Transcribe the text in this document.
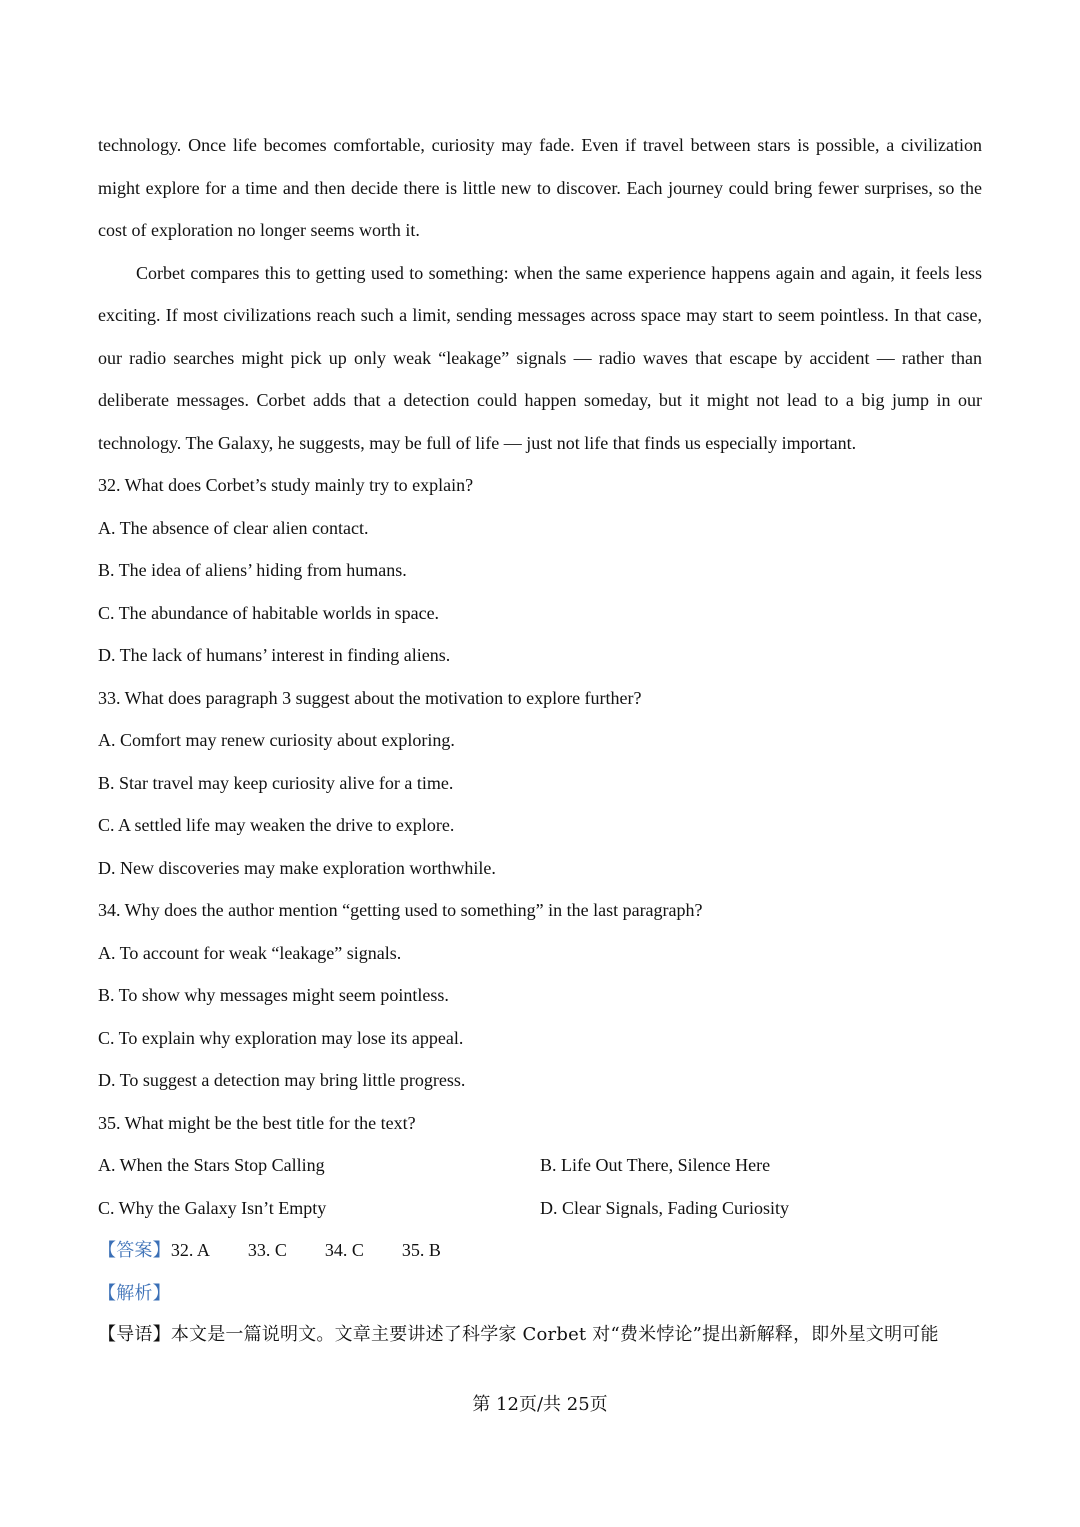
technology. Once life becomes comfortable, curiosity may fade. Even if travel between stars is possible, a civilization might explore for a time and then decide there is little new to discover. Each journey could bring fewer surprises, so the cost of exploration no longer seems worth it.

Corbet compares this to getting used to something: when the same experience happens again and again, it feels less exciting. If most civilizations reach such a limit, sending messages across space may start to seem pointless. In that case, our radio searches might pick up only weak “leakage” signals — radio waves that escape by accident — rather than deliberate messages. Corbet adds that a detection could happen someday, but it might not lead to a big jump in our technology. The Galaxy, he suggests, may be full of life — just not life that finds us especially important.

32. What does Corbet’s study mainly try to explain?
A. The absence of clear alien contact.
B. The idea of aliens’ hiding from humans.
C. The abundance of habitable worlds in space.
D. The lack of humans’ interest in finding aliens.
33. What does paragraph 3 suggest about the motivation to explore further?
A. Comfort may renew curiosity about exploring.
B. Star travel may keep curiosity alive for a time.
C. A settled life may weaken the drive to explore.
D. New discoveries may make exploration worthwhile.
34. Why does the author mention “getting used to something” in the last paragraph?
A. To account for weak “leakage” signals.
B. To show why messages might seem pointless.
C. To explain why exploration may lose its appeal.
D. To suggest a detection may bring little progress.
35. What might be the best title for the text?
A. When the Stars Stop Calling	B. Life Out There, Silence Here
C. Why the Galaxy Isn’t Empty	D. Clear Signals, Fading Curiosity
【答案】32. A 33. C 34. C 35. B
【解析】
【导语】本文是一篇说明文。文章主要讲述了科学家 Corbet 对“费米悖论”提出新解释，即外星文明可能
第 12页/共 25页
